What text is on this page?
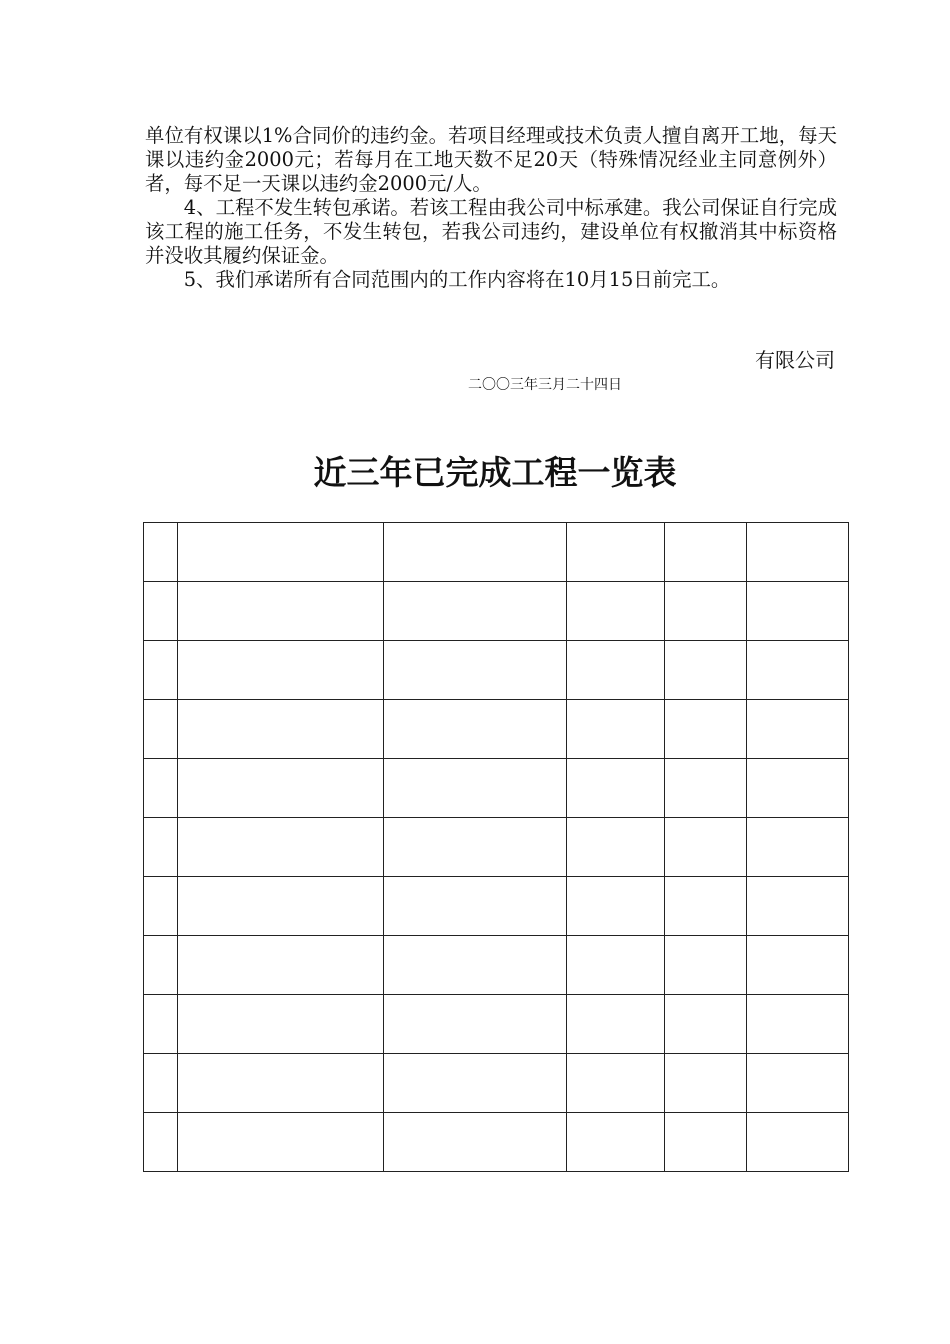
单位有权课以1%合同价的违约金。若项目经理或技术负责人擅自离开工地，每天课以违约金2000元；若每月在工地天数不足20天（特殊情况经业主同意例外）者，每不足一天课以违约金2000元/人。

4、工程不发生转包承诺。若该工程由我公司中标承建。我公司保证自行完成该工程的施工任务，不发生转包，若我公司违约，建设单位有权撤消其中标资格并没收其履约保证金。

5、我们承诺所有合同范围内的工作内容将在10月15日前完工。

有限公司
二〇〇三年三月二十四日
近三年已完成工程一览表
